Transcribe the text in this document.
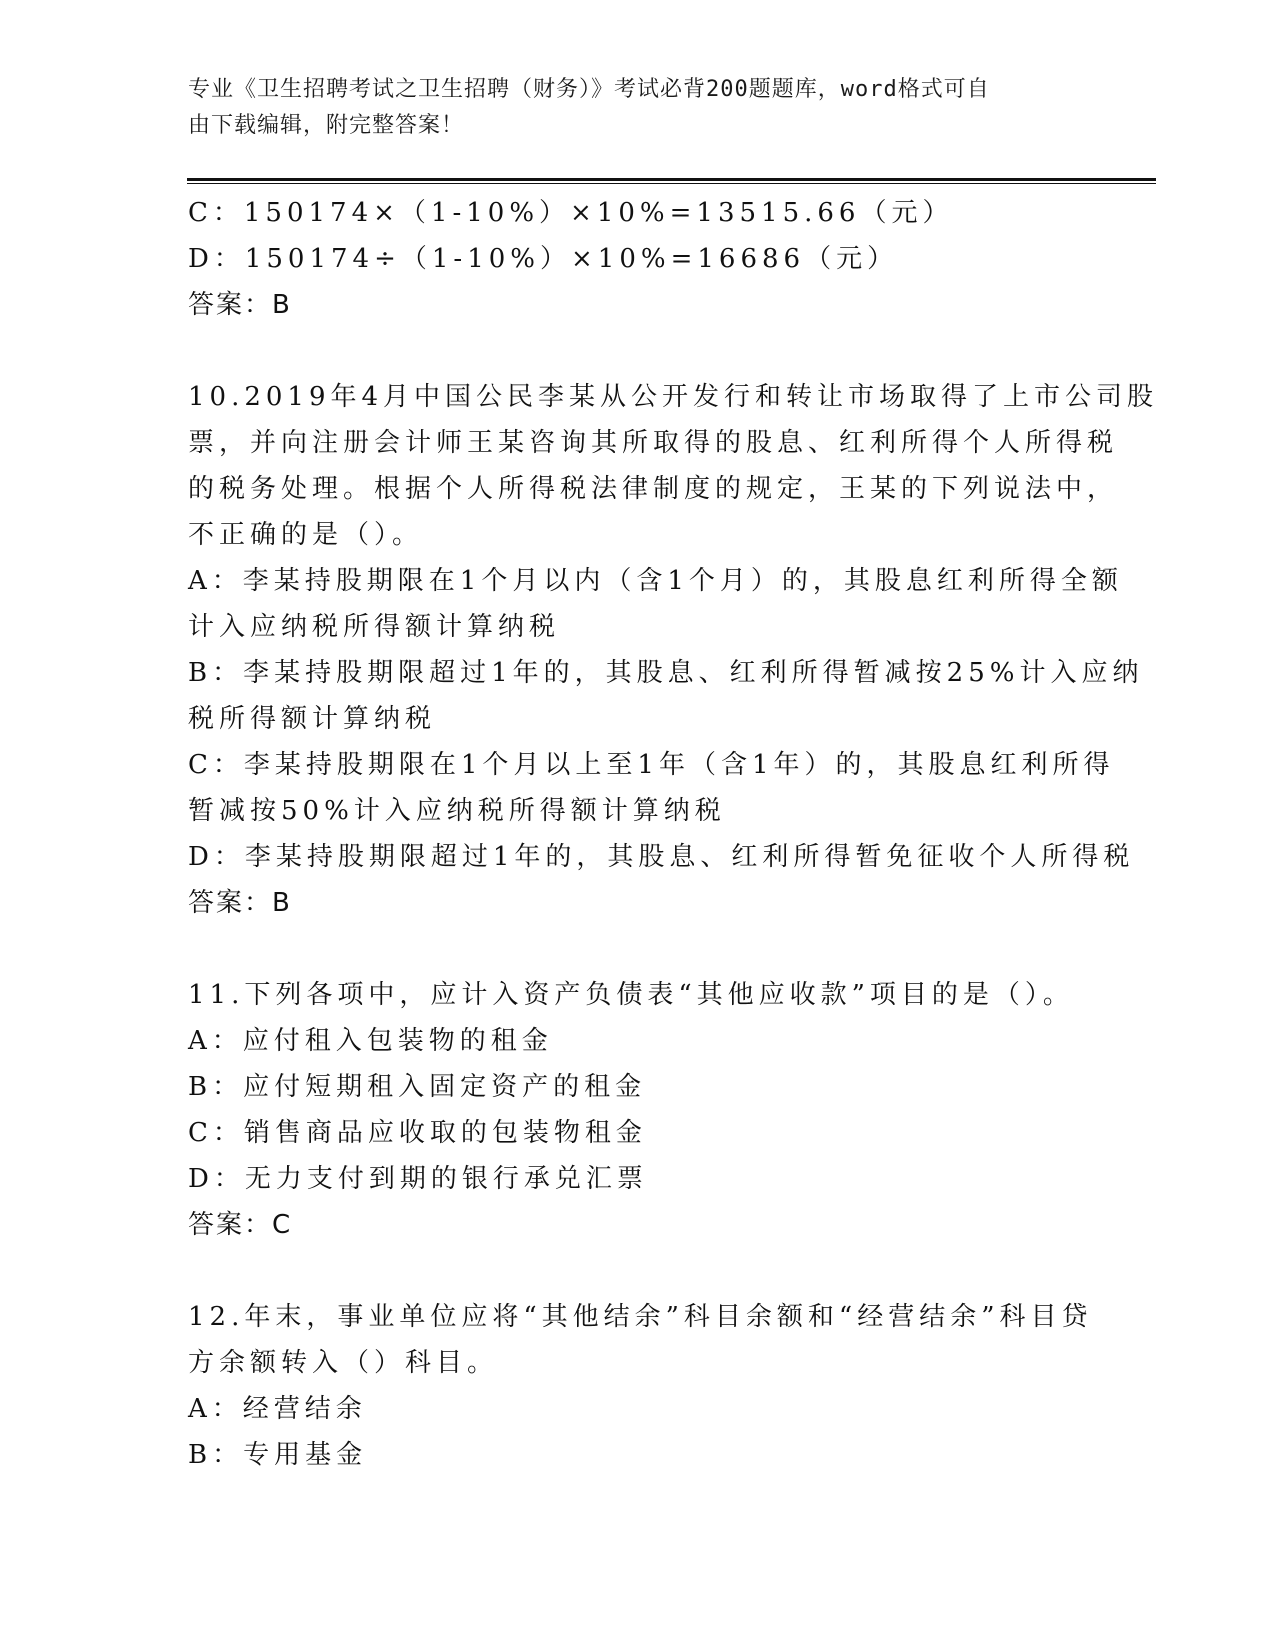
专业《卫生招聘考试之卫生招聘（财务）》考试必背200题题库，word格式可自
由下载编辑，附完整答案！
C：150174×（1-10%）×10%=13515.66（元）
D：150174÷（1-10%）×10%=16686（元）
答案：B
10.2019年4月中国公民李某从公开发行和转让市场取得了上市公司股
票，并向注册会计师王某咨询其所取得的股息、红利所得个人所得税
的税务处理。根据个人所得税法律制度的规定，王某的下列说法中，
不正确的是（）。
A：李某持股期限在1个月以内（含1个月）的，其股息红利所得全额
计入应纳税所得额计算纳税
B：李某持股期限超过1年的，其股息、红利所得暂减按25%计入应纳
税所得额计算纳税
C：李某持股期限在1个月以上至1年（含1年）的，其股息红利所得
暂减按50%计入应纳税所得额计算纳税
D：李某持股期限超过1年的，其股息、红利所得暂免征收个人所得税
答案：B
11.下列各项中，应计入资产负债表“其他应收款”项目的是（）。
A：应付租入包装物的租金
B：应付短期租入固定资产的租金
C：销售商品应收取的包装物租金
D：无力支付到期的银行承兑汇票
答案：C
12.年末，事业单位应将“其他结余”科目余额和“经营结余”科目贷
方余额转入（）科目。
A：经营结余
B：专用基金
